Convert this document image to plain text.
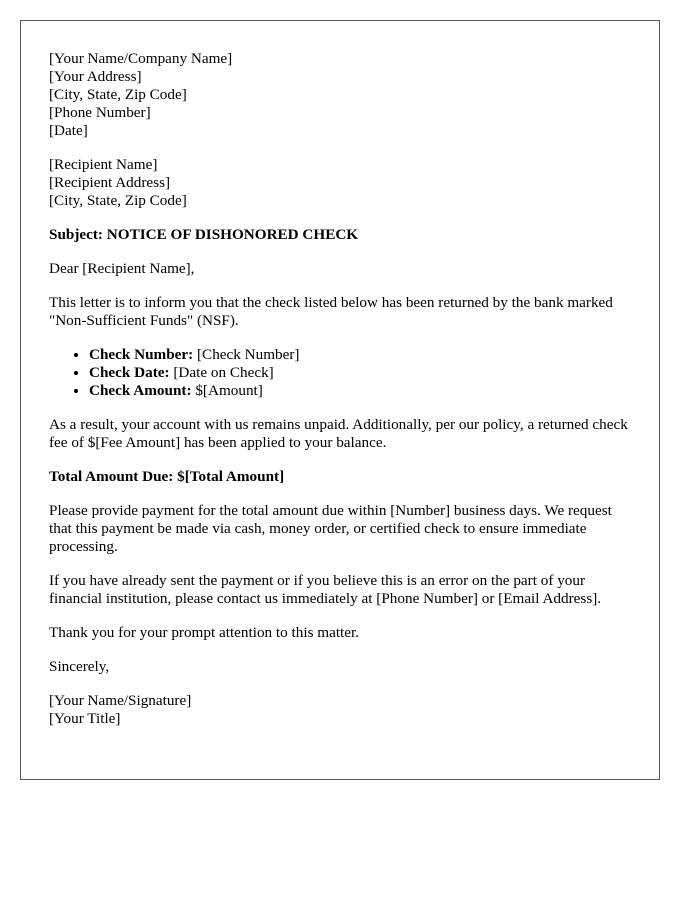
[Your Name/Company Name]
[Your Address]
[City, State, Zip Code]
[Phone Number]
[Date]
[Recipient Name]
[Recipient Address]
[City, State, Zip Code]

Subject: NOTICE OF DISHONORED CHECK

Dear [Recipient Name],

This letter is to inform you that the check listed below has been returned by the bank marked "Non-Sufficient Funds" (NSF).

• Check Number: [Check Number]
• Check Date: [Date on Check]
• Check Amount: $[Amount]

As a result, your account with us remains unpaid. Additionally, per our policy, a returned check fee of $[Fee Amount] has been applied to your balance.

Total Amount Due: $[Total Amount]

Please provide payment for the total amount due within [Number] business days. We request that this payment be made via cash, money order, or certified check to ensure immediate processing.

If you have already sent the payment or if you believe this is an error on the part of your financial institution, please contact us immediately at [Phone Number] or [Email Address].

Thank you for your prompt attention to this matter.

Sincerely,

[Your Name/Signature]
[Your Title]
